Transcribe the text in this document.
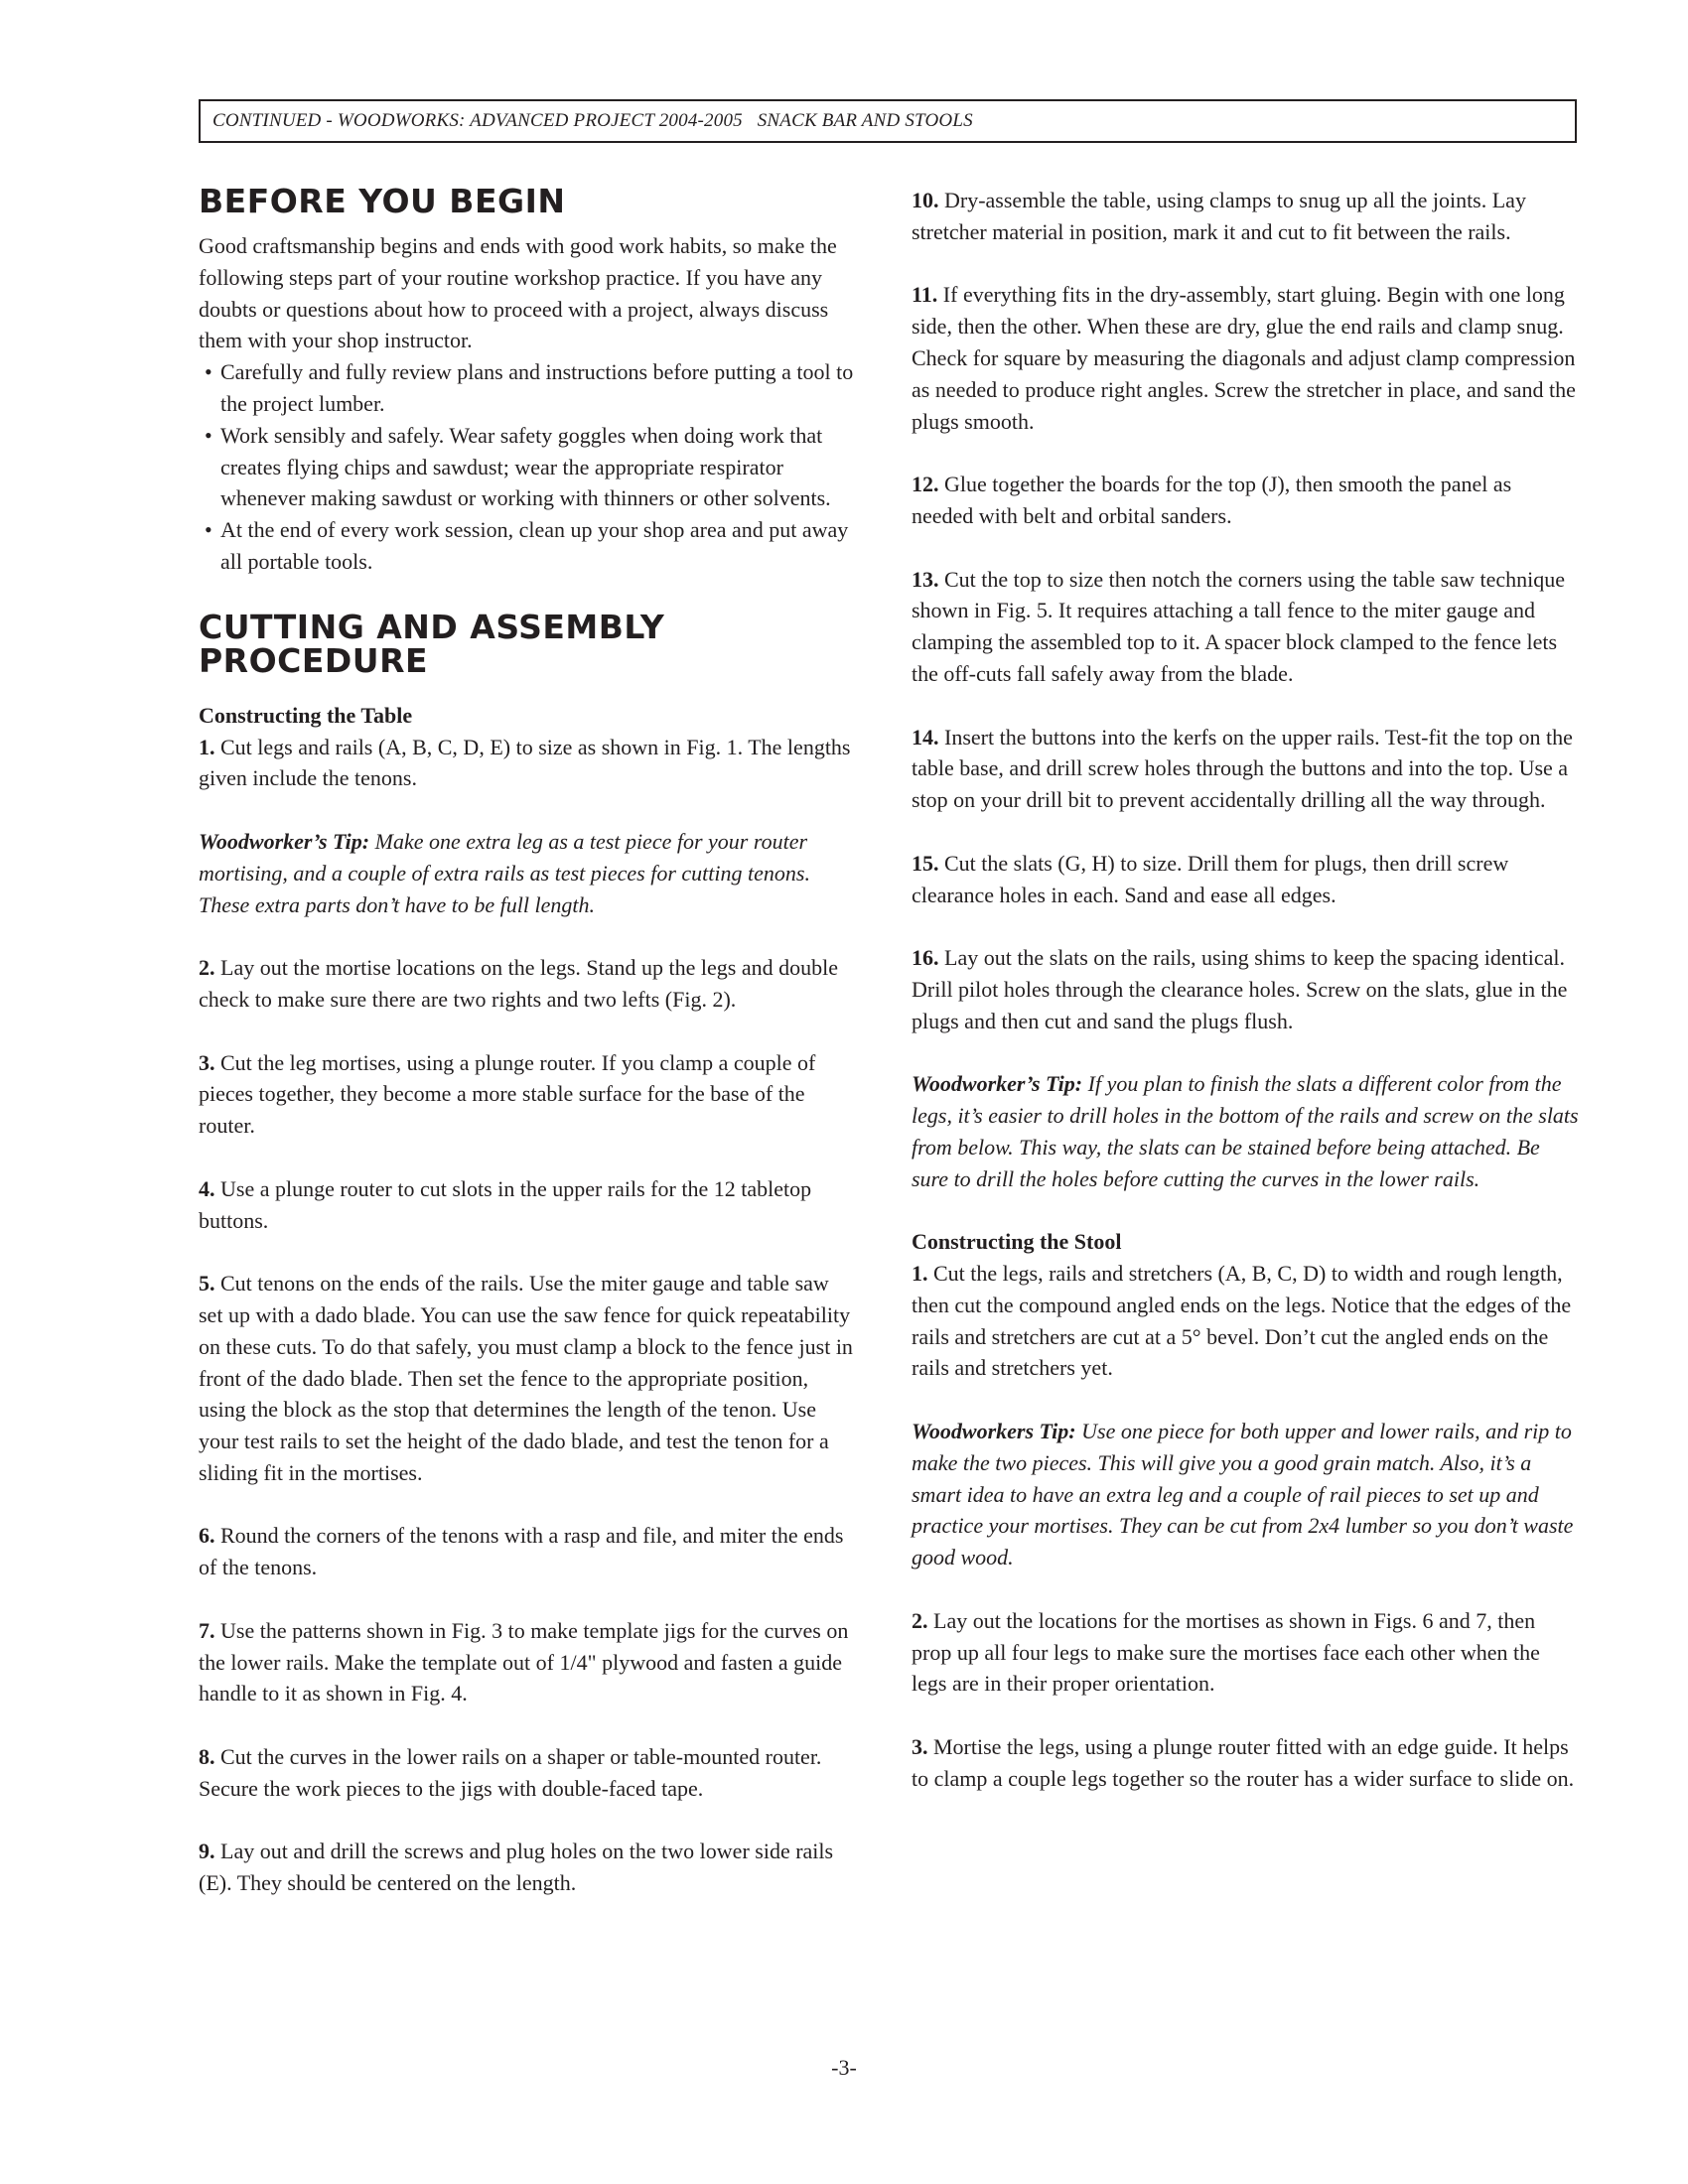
CONTINUED - WOODWORKS: ADVANCED PROJECT 2004-2005   SNACK BAR AND STOOLS
BEFORE YOU BEGIN

Good craftsmanship begins and ends with good work habits, so make the following steps part of your routine workshop practice. If you have any doubts or questions about how to proceed with a project, always discuss them with your shop instructor.

• Carefully and fully review plans and instructions before putting a tool to the project lumber.
• Work sensibly and safely. Wear safety goggles when doing work that creates flying chips and sawdust; wear the appropriate respirator whenever making sawdust or working with thinners or other solvents.
• At the end of every work session, clean up your shop area and put away all portable tools.
CUTTING AND ASSEMBLY
PROCEDURE
Constructing the Table

1. Cut legs and rails (A, B, C, D, E) to size as shown in Fig. 1. The lengths given include the tenons.

Woodworker’s Tip: Make one extra leg as a test piece for your router mortising, and a couple of extra rails as test pieces for cutting tenons. These extra parts don’t have to be full length.

2. Lay out the mortise locations on the legs. Stand up the legs and double check to make sure there are two rights and two lefts (Fig. 2).

3. Cut the leg mortises, using a plunge router. If you clamp a couple of pieces together, they become a more stable surface for the base of the router.

4. Use a plunge router to cut slots in the upper rails for the 12 tabletop buttons.

5. Cut tenons on the ends of the rails. Use the miter gauge and table saw set up with a dado blade. You can use the saw fence for quick repeatability on these cuts. To do that safely, you must clamp a block to the fence just in front of the dado blade. Then set the fence to the appropriate position, using the block as the stop that determines the length of the tenon. Use your test rails to set the height of the dado blade, and test the tenon for a sliding fit in the mortises.

6. Round the corners of the tenons with a rasp and file, and miter the ends of the tenons.

7. Use the patterns shown in Fig. 3 to make template jigs for the curves on the lower rails. Make the template out of 1/4" plywood and fasten a guide handle to it as shown in Fig. 4.

8. Cut the curves in the lower rails on a shaper or table-mounted router. Secure the work pieces to the jigs with double-faced tape.

9. Lay out and drill the screws and plug holes on the two lower side rails (E). They should be centered on the length.

10. Dry-assemble the table, using clamps to snug up all the joints. Lay stretcher material in position, mark it and cut to fit between the rails.

11. If everything fits in the dry-assembly, start gluing. Begin with one long side, then the other. When these are dry, glue the end rails and clamp snug. Check for square by measuring the diagonals and adjust clamp compression as needed to produce right angles. Screw the stretcher in place, and sand the plugs smooth.

12. Glue together the boards for the top (J), then smooth the panel as needed with belt and orbital sanders.

13. Cut the top to size then notch the corners using the table saw technique shown in Fig. 5. It requires attaching a tall fence to the miter gauge and clamping the assembled top to it. A spacer block clamped to the fence lets the off-cuts fall safely away from the blade.

14. Insert the buttons into the kerfs on the upper rails. Test-fit the top on the table base, and drill screw holes through the buttons and into the top. Use a stop on your drill bit to prevent accidentally drilling all the way through.

15. Cut the slats (G, H) to size. Drill them for plugs, then drill screw clearance holes in each. Sand and ease all edges.

16. Lay out the slats on the rails, using shims to keep the spacing identical. Drill pilot holes through the clearance holes. Screw on the slats, glue in the plugs and then cut and sand the plugs flush.

Woodworker’s Tip: If you plan to finish the slats a different color from the legs, it’s easier to drill holes in the bottom of the rails and screw on the slats from below. This way, the slats can be stained before being attached. Be sure to drill the holes before cutting the curves in the lower rails.

Constructing the Stool

1. Cut the legs, rails and stretchers (A, B, C, D) to width and rough length, then cut the compound angled ends on the legs. Notice that the edges of the rails and stretchers are cut at a 5° bevel. Don’t cut the angled ends on the rails and stretchers yet.

Woodworkers Tip: Use one piece for both upper and lower rails, and rip to make the two pieces. This will give you a good grain match. Also, it’s a smart idea to have an extra leg and a couple of rail pieces to set up and practice your mortises. They can be cut from 2x4 lumber so you don’t waste good wood.

2. Lay out the locations for the mortises as shown in Figs. 6 and 7, then prop up all four legs to make sure the mortises face each other when the legs are in their proper orientation.

3. Mortise the legs, using a plunge router fitted with an edge guide. It helps to clamp a couple legs together so the router has a wider surface to slide on.

-3-
